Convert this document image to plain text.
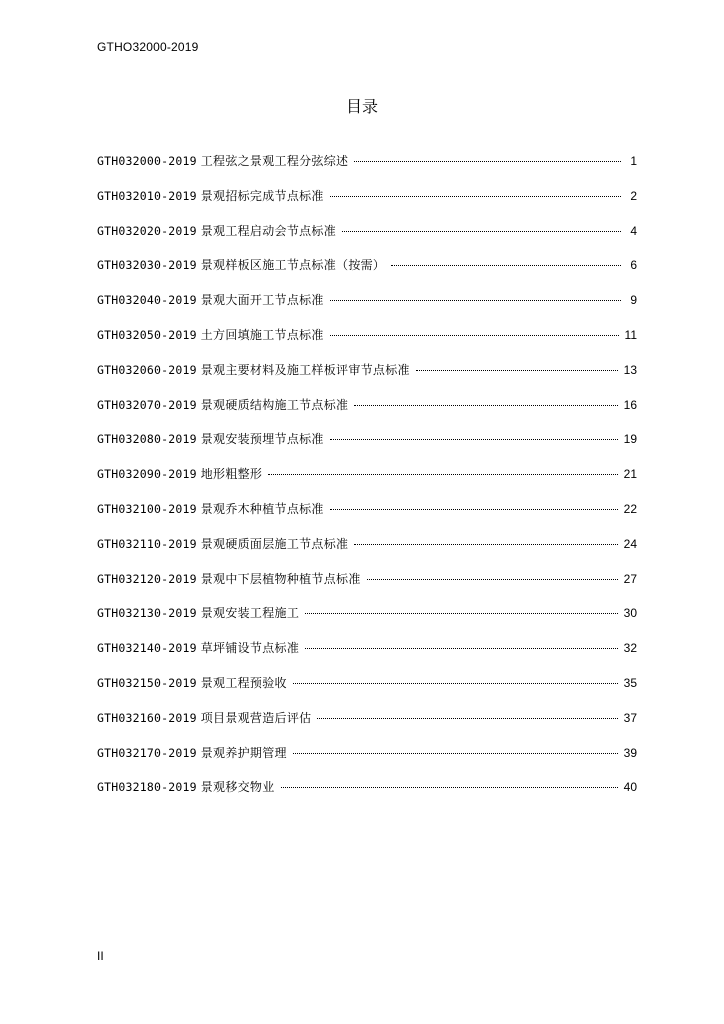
GTHO32000-2019
目录
GTH032000-2019 工程弦之景观工程分弦综述	1
GTH032010-2019 景观招标完成节点标准	2
GTH032020-2019 景观工程启动会节点标准	4
GTH032030-2019 景观样板区施工节点标准（按需）	6
GTH032040-2019 景观大面开工节点标准	9
GTH032050-2019 土方回填施工节点标准	11
GTH032060-2019 景观主要材料及施工样板评审节点标准	13
GTH032070-2019 景观硬质结构施工节点标准	16
GTH032080-2019 景观安装预埋节点标准	19
GTH032090-2019 地形粗整形	21
GTH032100-2019 景观乔木种植节点标准	22
GTH032110-2019 景观硬质面层施工节点标准	24
GTH032120-2019 景观中下层植物种植节点标准	27
GTH032130-2019 景观安装工程施工	30
GTH032140-2019 草坪铺设节点标准	32
GTH032150-2019 景观工程预验收	35
GTH032160-2019 项目景观营造后评估	37
GTH032170-2019 景观养护期管理	39
GTH032180-2019 景观移交物业	40
II
